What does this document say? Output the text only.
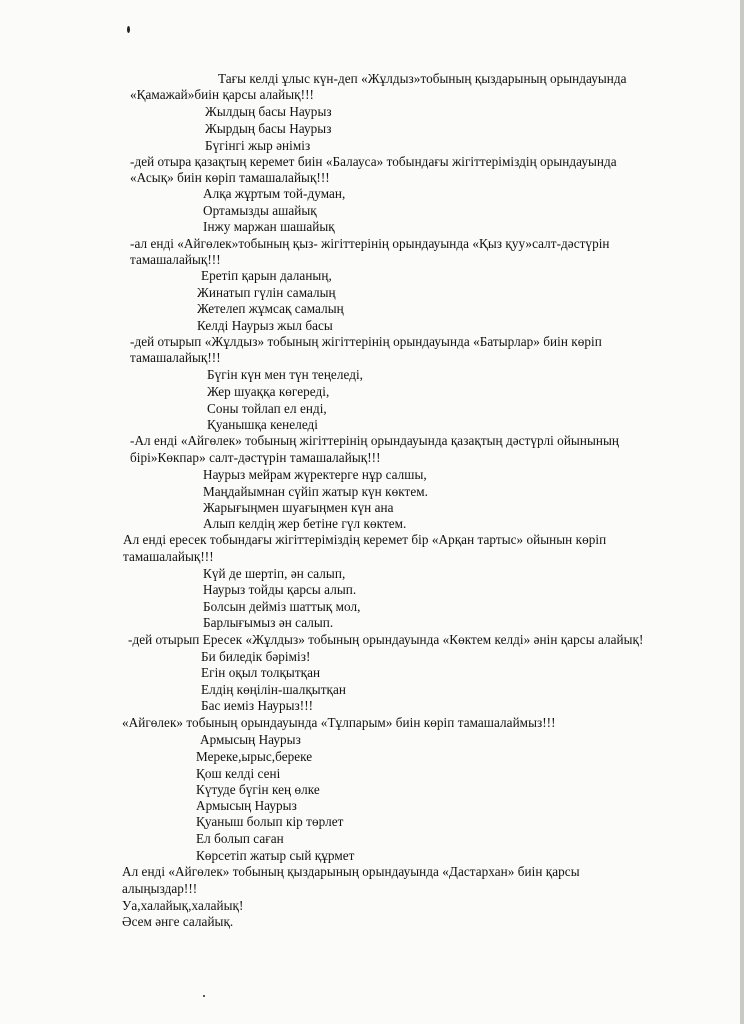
Тағы келді ұлыс күн-деп «Жұлдыз»тобының қыздарының орындауында
«Қамажай»биін қарсы алайық!!!
Жылдың басы Наурыз
Жырдың басы Наурыз
Бүгінгі жыр әнімiз
-дей отыра қазақтың керемет биін «Балауса» тобындағы жігіттеріміздің орындауында
«Асық» биін көріп тамашалайық!!!
Алқа жұртым той-думан,
Ортамызды ашайық
Інжу маржан шашайық
-ал енді «Айгөлек»тобының қыз- жігіттерінің орындауында «Қыз қуу»салт-дәстүрін
тамашалайық!!!
Еретіп қарын даланың,
Жинатып гүлін самалың
Жетелеп жұмсақ самалың
Келді Наурыз жыл басы
-дей отырып «Жұлдыз» тобының жігіттерінің орындауында «Батырлар» биін көріп
тамашалайық!!!
Бүгін күн мен түн теңеледі,
Жер шуаққа көгереді,
Соны тойлап ел енді,
Қуанышқа кенеледі
-Ал енді «Айгөлек» тобының жігіттерінің орындауында қазақтың дәстүрлі ойынының
бірі»Көкпар» салт-дәстүрін тамашалайық!!!
Наурыз мейрам жүректерге нұр салшы,
Маңдайымнан сүйіп жатыр күн көктем.
Жарығыңмен шуағыңмен күн ана
Алып келдің жер бетіне гүл көктем.
Ал енді ересек тобындағы жігіттеріміздің керемет бір «Арқан тартыс» ойынын көріп
тамашалайық!!!
Күй де шертіп, ән салып,
Наурыз тойды қарсы алып.
Болсын дейміз шаттық мол,
Барлығымыз ән салып.
-дей отырып Ересек «Жұлдыз» тобының орындауында «Көктем келді» әнін қарсы алайық!
Би биледік бәріміз!
Егін оқыл толқытқан
Елдің көңілін-шалқытқан
Бас иеміз Наурыз!!!
«Айгөлек» тобының орындауында «Тұлпарым» биін көріп тамашалаймыз!!!
Армысың Наурыз
Мереке,ырыс,береке
Қош келді сені
Күтуде бүгін кең өлке
Армысың Наурыз
Қуаныш болып кір төрлет
Ел болып саған
Көрсетіп жатыр сый құрмет
Ал енді «Айгөлек» тобының қыздарының орындауында «Дастархан» биін қарсы
алыңыздар!!!
Уа,халайық,халайық!
Әсем әнге салайық.
